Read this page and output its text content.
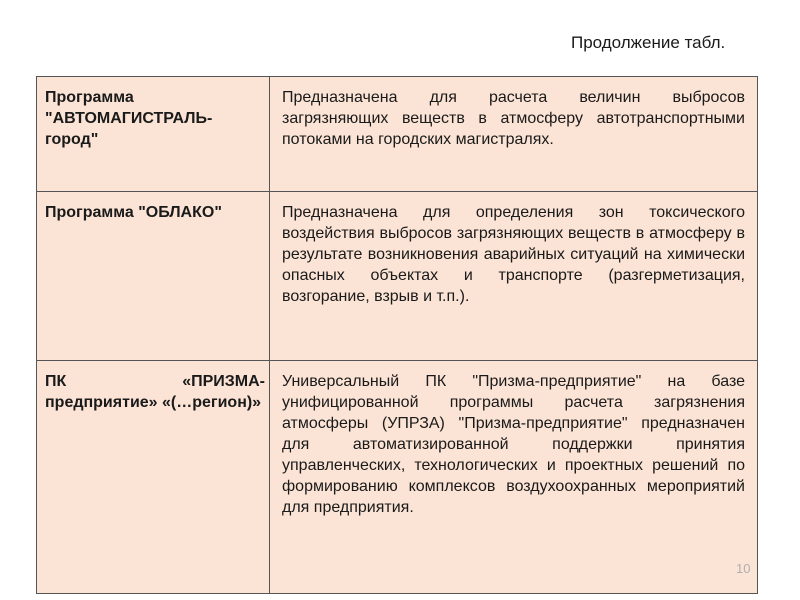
Продолжение табл.
Программа "АВТОМАГИСТРАЛЬ-город"	Предназначена для расчета величин выбросов загрязняющих веществ в атмосферу автотранспортными потоками на городских магистралях.

Программа "ОБЛАКО"	Предназначена для определения зон токсического воздействия выбросов загрязняющих веществ в атмосферу в результате возникновения аварийных ситуаций на химически опасных объектах и транспорте (разгерметизация, возгорание, взрыв и т.п.).

ПК «ПРИЗМА-предприятие» «(…регион)»	Универсальный ПК "Призма-предприятие" на базе унифицированной программы расчета загрязнения атмосферы (УПРЗА) "Призма-предприятие" предназначен для автоматизированной поддержки принятия управленческих, технологических и проектных решений по формированию комплексов воздухоохранных мероприятий для предприятия.
10
